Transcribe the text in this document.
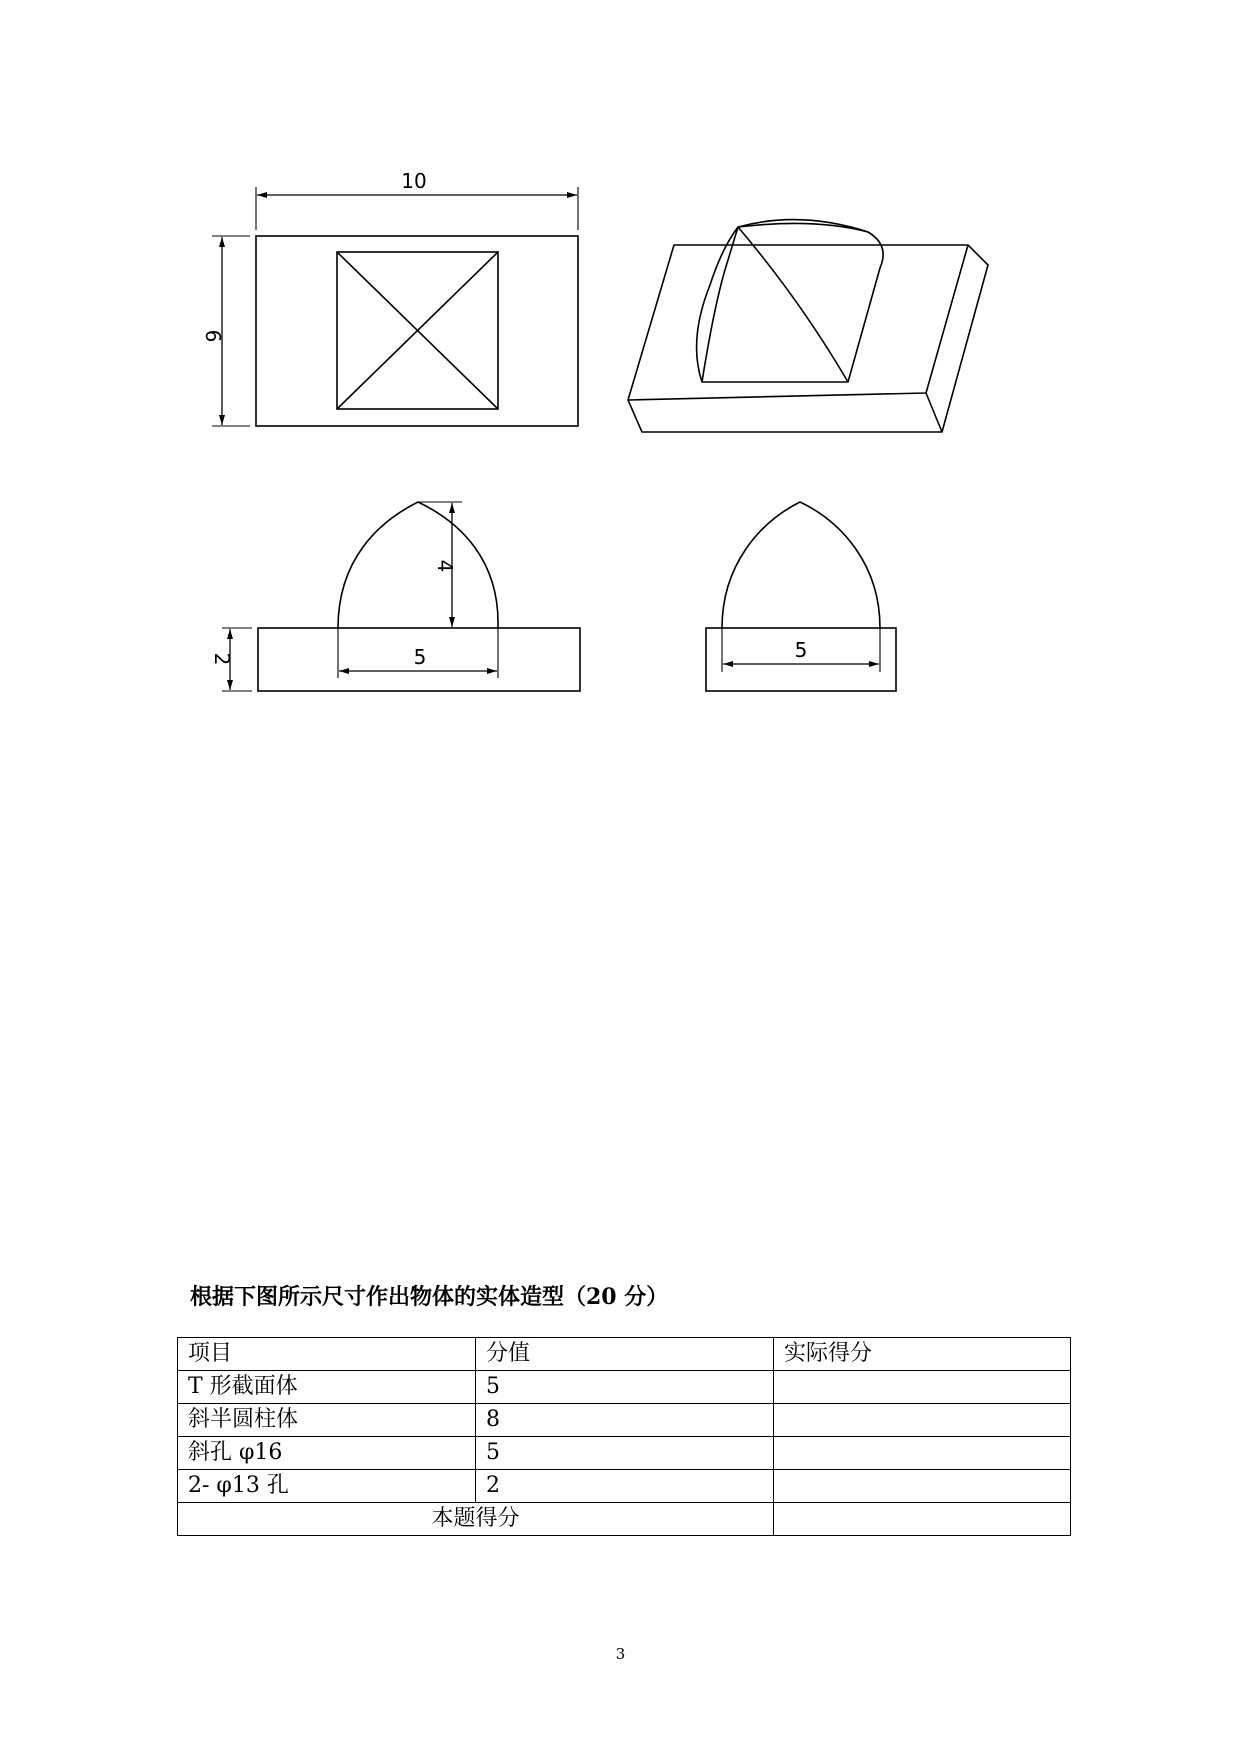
10
6
4
2	5	5
根据下图所示尺寸作出物体的实体造型（20 分）
项目	分值	实际得分
T 形截面体	5	
斜半圆柱体	8	
斜孔 φ16	5	
2- φ13 孔	2	
本题得分		
3
